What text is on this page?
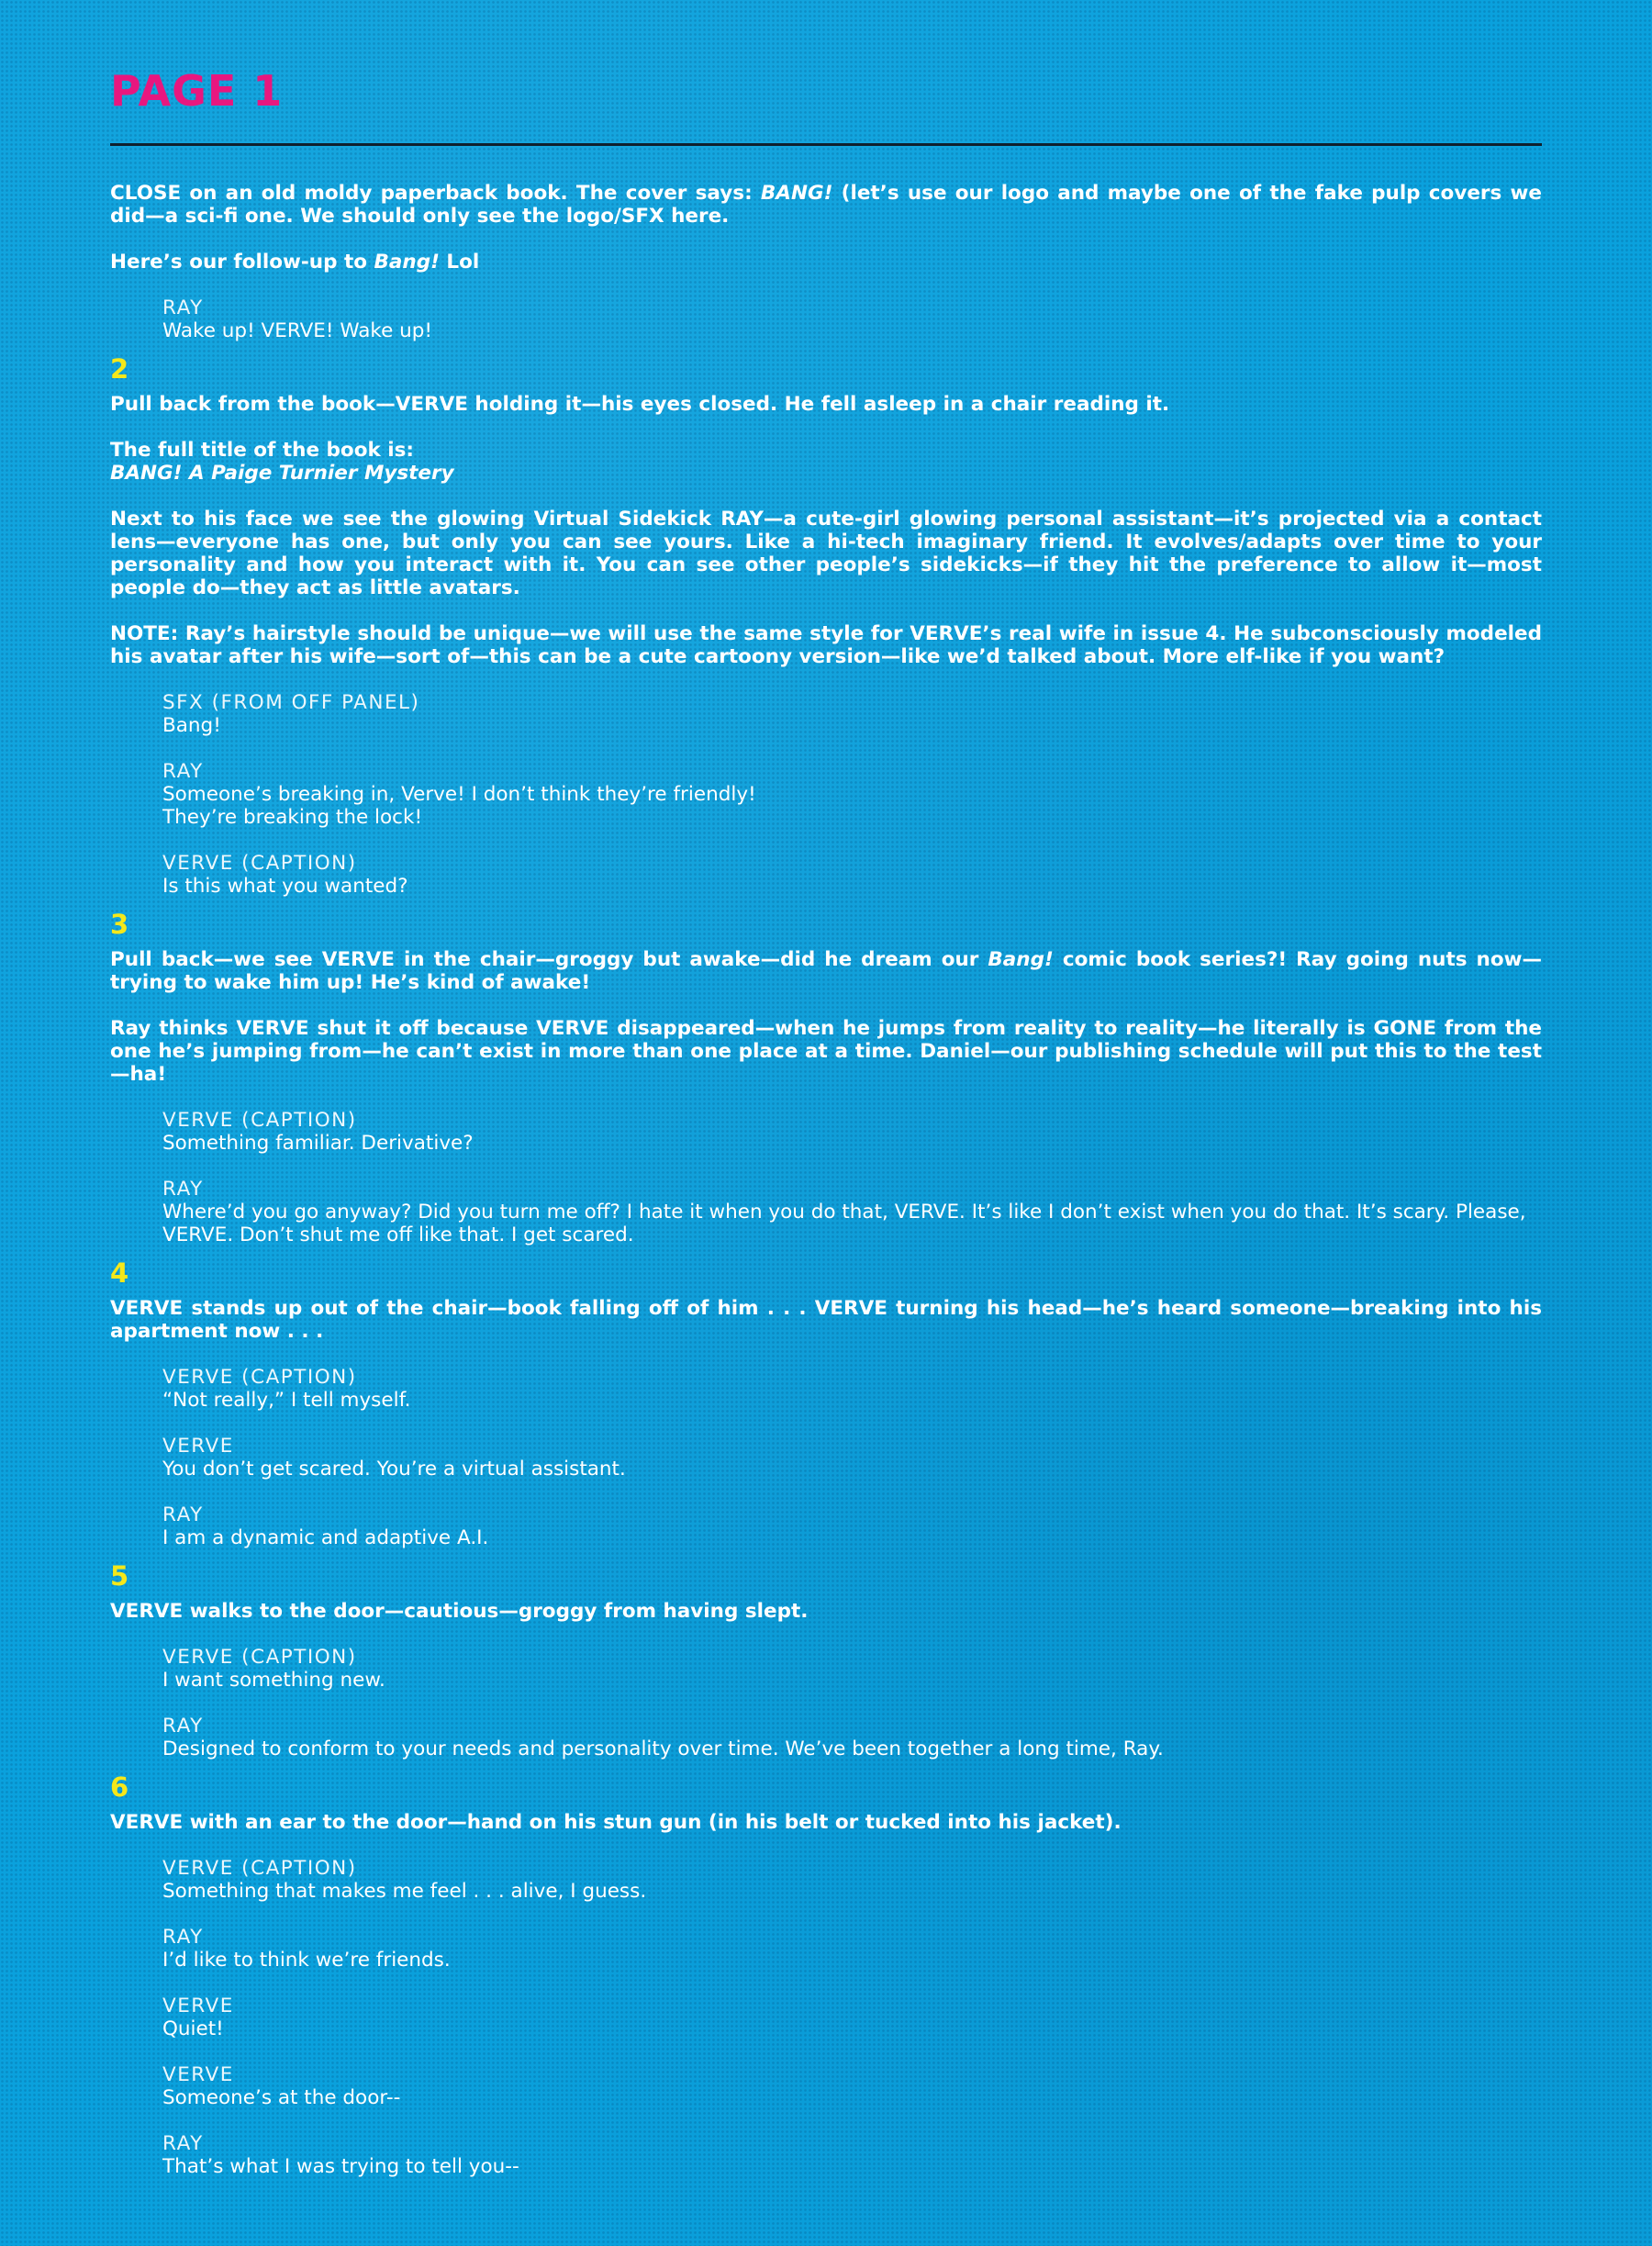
PAGE 1

CLOSE on an old moldy paperback book. The cover says: BANG! (let’s use our logo and maybe one of the fake pulp covers we did—a sci-fi one. We should only see the logo/SFX here.

Here’s our follow-up to Bang! Lol

RAY
Wake up! VERVE! Wake up!
2

Pull back from the book—VERVE holding it—his eyes closed. He fell asleep in a chair reading it.

The full title of the book is:

BANG! A Paige Turnier Mystery

Next to his face we see the glowing Virtual Sidekick RAY—a cute-girl glowing personal assistant—it’s projected via a contact lens—everyone has one, but only you can see yours. Like a hi-tech imaginary friend. It evolves/adapts over time to your personality and how you interact with it. You can see other people’s sidekicks—if they hit the preference to allow it—most people do—they act as little avatars.

NOTE: Ray’s hairstyle should be unique—we will use the same style for VERVE’s real wife in issue 4. He subconsciously modeled his avatar after his wife—sort of—this can be a cute cartoony version—like we’d talked about. More elf-like if you want?

SFX (FROM OFF PANEL)
Bang!
RAY
Someone’s breaking in, Verve! I don’t think they’re friendly!
They’re breaking the lock!
VERVE (CAPTION)
Is this what you wanted?
3

Pull back—we see VERVE in the chair—groggy but awake—did he dream our Bang! comic book series?! Ray going nuts now—trying to wake him up! He’s kind of awake!

Ray thinks VERVE shut it off because VERVE disappeared—when he jumps from reality to reality—he literally is GONE from the one he’s jumping from—he can’t exist in more than one place at a time. Daniel—our publishing schedule will put this to the test—ha!

VERVE (CAPTION)
Something familiar. Derivative?
RAY
Where’d you go anyway? Did you turn me off? I hate it when you do that, VERVE. It’s like I don’t exist when you do that. It’s scary. Please, VERVE. Don’t shut me off like that. I get scared.
4

VERVE stands up out of the chair—book falling off of him . . . VERVE turning his head—he’s heard someone—breaking into his apartment now . . .

VERVE (CAPTION)
“Not really,” I tell myself.
VERVE
You don’t get scared. You’re a virtual assistant.
RAY
I am a dynamic and adaptive A.I.
5

VERVE walks to the door—cautious—groggy from having slept.

VERVE (CAPTION)
I want something new.
RAY
Designed to conform to your needs and personality over time. We’ve been together a long time, Ray.
6

VERVE with an ear to the door—hand on his stun gun (in his belt or tucked into his jacket).

VERVE (CAPTION)
Something that makes me feel . . . alive, I guess.
RAY
I’d like to think we’re friends.
VERVE
Quiet!
VERVE
Someone’s at the door--
RAY
That’s what I was trying to tell you--
